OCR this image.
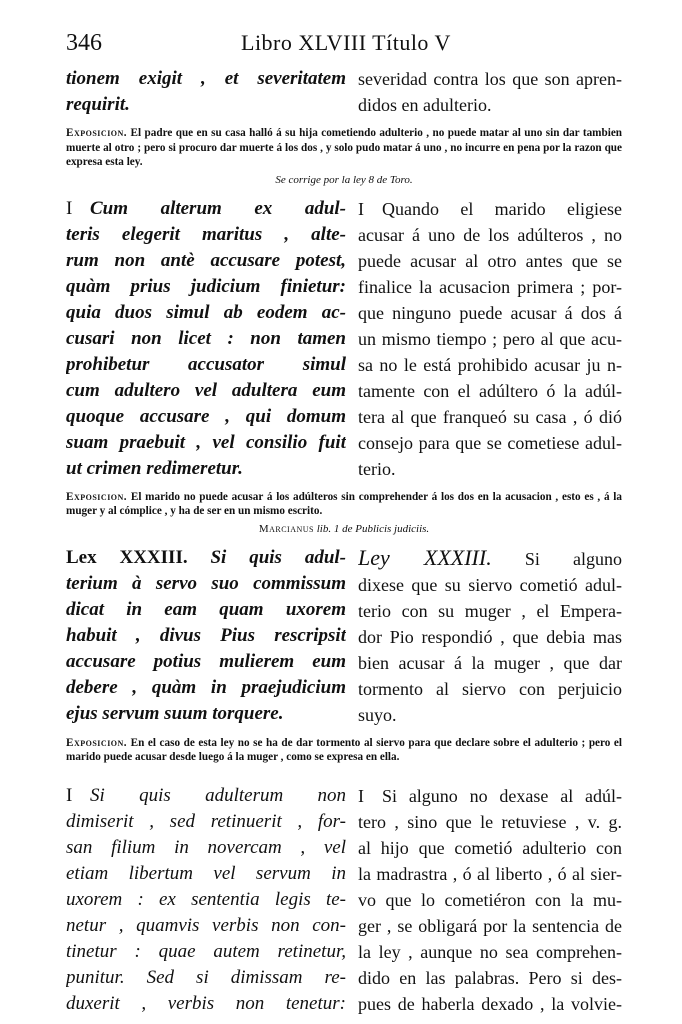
346	Libro XLVIII Título V
tionem exigit , et severitatem
requirit.
severidad contra los que son apren-
didos en adulterio.

Exposicion. El padre que en su casa halló á su hija cometiendo adulterio , no puede matar al uno sin dar tambien muerte al otro ; pero si procuro dar muerte á los dos , y solo pudo matar á uno , no incurre en pena por la razon que expresa esta ley.

Se corrige por la ley 8 de Toro.

I Cum alterum ex adul-
teris elegerit maritus , alte-
rum non antè accusare potest,
quàm prius judicium finietur:
quia duos simul ab eodem ac-
cusari non licet : non tamen
prohibetur accusator simul
cum adultero vel adultera eum
quoque accusare , qui domum
suam praebuit , vel consilio fuit
ut crimen redimeretur.
I Quando el marido eligiese
acusar á uno de los adúlteros , no
puede acusar al otro antes que se
finalice la acusacion primera ; por-
que ninguno puede acusar á dos á
un mismo tiempo ; pero al que acu-
sa no le está prohibido acusar ju n-
tamente con el adúltero ó la adúl-
tera al que franqueó su casa , ó dió
consejo para que se cometiese adul-
terio.

Exposicion. El marido no puede acusar á los adúlteros sin comprehender á los dos en la acusacion , esto es , á la muger y al cómplice , y ha de ser en un mismo escrito.

Marcianus lib. 1 de Publicis judiciis.

Lex XXXIII. Si quis adul-
terium à servo suo commissum
dicat in eam quam uxorem
habuit , divus Pius rescripsit
accusare potius mulierem eum
debere , quàm in praejudicium
ejus servum suum torquere.
Ley XXXIII. Si alguno
dixese que su siervo cometió adul-
terio con su muger , el Empera-
dor Pio respondió , que debia mas
bien acusar á la muger , que dar
tormento al siervo con perjuicio
suyo.

Exposicion. En el caso de esta ley no se ha de dar tormento al siervo para que declare sobre el adulterio ; pero el marido puede acusar desde luego á la muger , como se expresa en ella.

I Si quis adulterum non
dimiserit , sed retinuerit , for-
san filium in novercam , vel
etiam libertum vel servum in
uxorem : ex sententia legis te-
netur , quamvis verbis non con-
tinetur : quae autem retinetur,
punitur. Sed si dimissam re-
duxerit , verbis non tenetur:
I Si alguno no dexase al adúl-
tero , sino que le retuviese , v. g.
al hijo que cometió adulterio con
la madrastra , ó al liberto , ó al sier-
vo que lo cometiéron con la mu-
ger , se obligará por la sentencia de
la ley , aunque no sea comprehen-
dido en las palabras. Pero si des-
pues de haberla dexado , la volvie-
